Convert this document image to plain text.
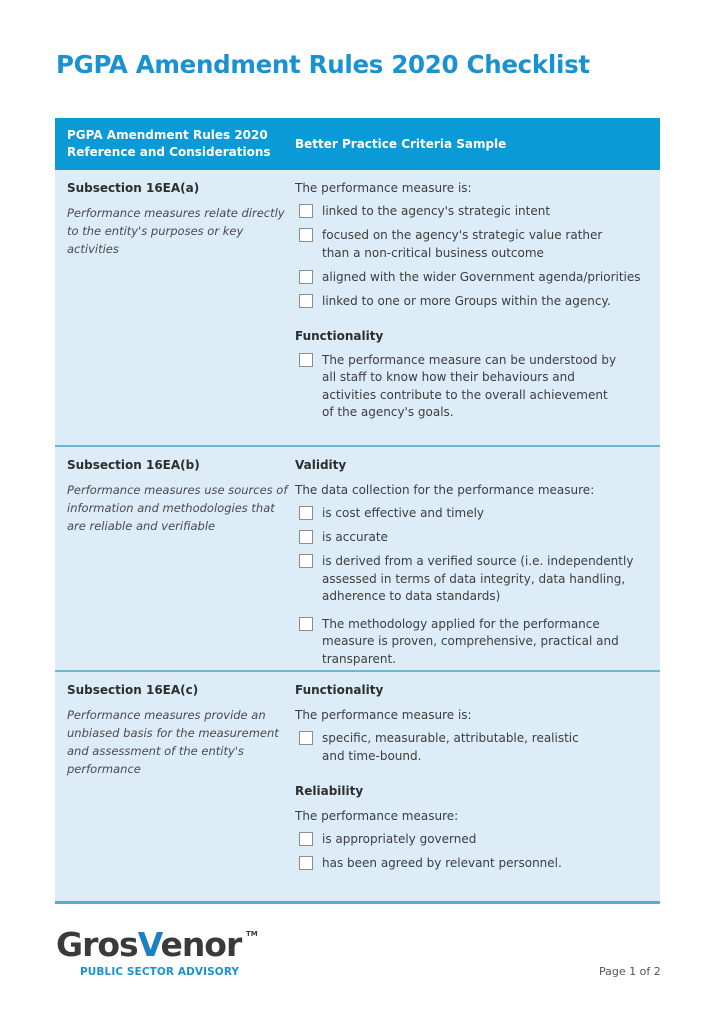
PGPA Amendment Rules 2020 Checklist
PGPA Amendment Rules 2020
Reference and Considerations
Better Practice Criteria Sample
Subsection 16EA(a)
Performance measures relate directly to the entity's purposes or key activities
The performance measure is:
linked to the agency's strategic intent
focused on the agency's strategic value rather than a non-critical business outcome
aligned with the wider Government agenda/priorities
linked to one or more Groups within the agency.
Functionality
The performance measure can be understood by all staff to know how their behaviours and activities contribute to the overall achievement of the agency's goals.
Subsection 16EA(b)
Performance measures use sources of information and methodologies that are reliable and verifiable
Validity
The data collection for the performance measure:
is cost effective and timely
is accurate
is derived from a verified source (i.e. independently assessed in terms of data integrity, data handling, adherence to data standards)
The methodology applied for the performance measure is proven, comprehensive, practical and transparent.
Subsection 16EA(c)
Performance measures provide an unbiased basis for the measurement and assessment of the entity's performance
Functionality
The performance measure is:
specific, measurable, attributable, realistic and time-bound.
Reliability
The performance measure:
is appropriately governed
has been agreed by relevant personnel.
GrosVenor TM
PUBLIC SECTOR ADVISORY	Page 1 of 2
